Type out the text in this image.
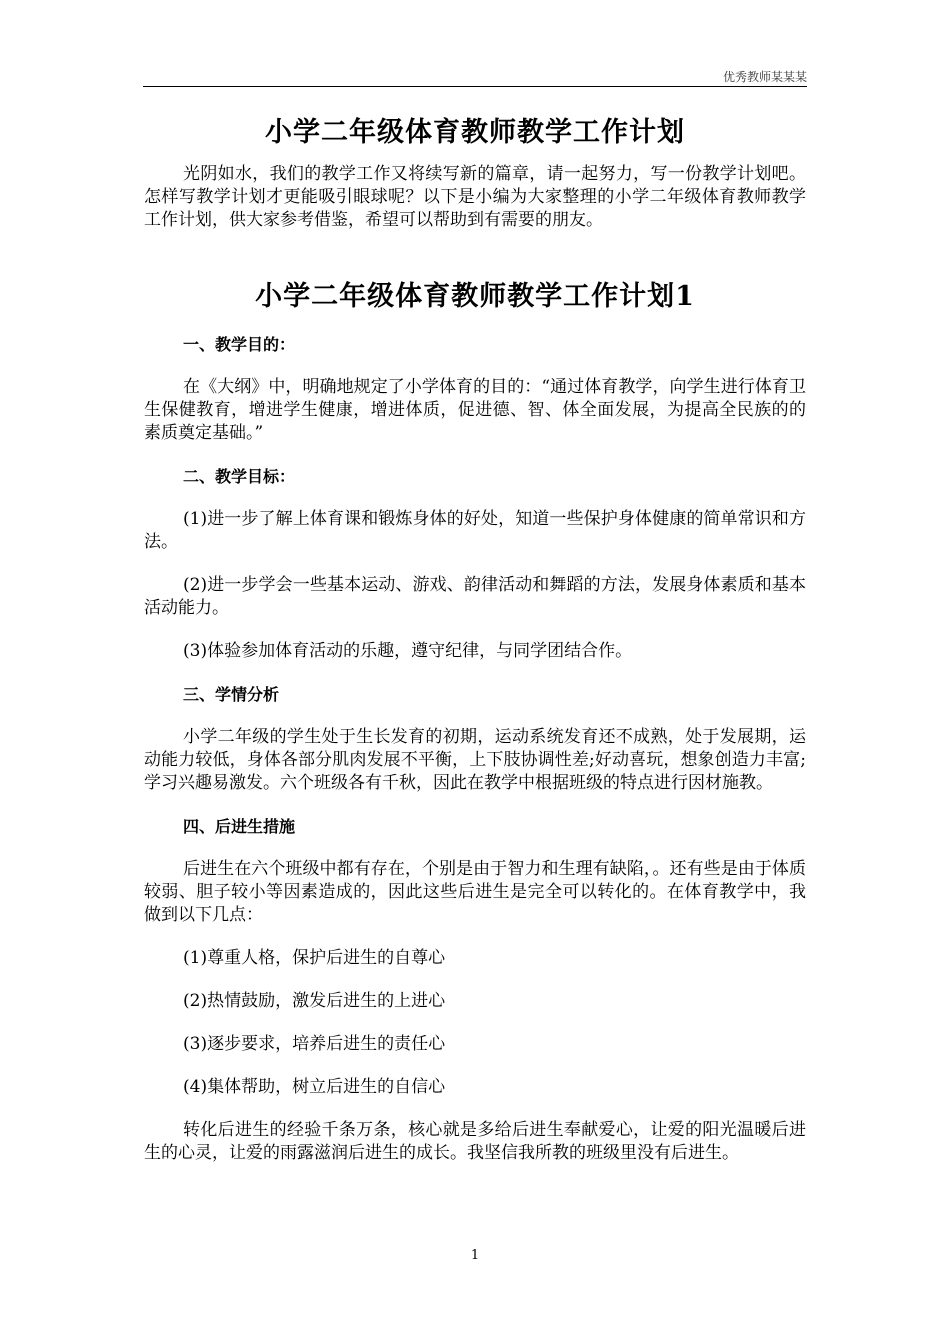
优秀教师某某某
小学二年级体育教师教学工作计划

光阴如水，我们的教学工作又将续写新的篇章，请一起努力，写一份教学计划吧。怎样写教学计划才更能吸引眼球呢？以下是小编为大家整理的小学二年级体育教师教学工作计划，供大家参考借鉴，希望可以帮助到有需要的朋友。

小学二年级体育教师教学工作计划1
一、教学目的：

在《大纲》中，明确地规定了小学体育的目的：“通过体育教学，向学生进行体育卫生保健教育，增进学生健康，增进体质，促进德、智、体全面发展，为提高全民族的的素质奠定基础。”

二、教学目标：

(1)进一步了解上体育课和锻炼身体的好处，知道一些保护身体健康的简单常识和方法。

(2)进一步学会一些基本运动、游戏、韵律活动和舞蹈的方法，发展身体素质和基本活动能力。

(3)体验参加体育活动的乐趣，遵守纪律，与同学团结合作。

三、学情分析

小学二年级的学生处于生长发育的初期，运动系统发育还不成熟，处于发展期，运动能力较低，身体各部分肌肉发展不平衡，上下肢协调性差;好动喜玩，想象创造力丰富;学习兴趣易激发。六个班级各有千秋，因此在教学中根据班级的特点进行因材施教。

四、后进生措施

后进生在六个班级中都有存在，个别是由于智力和生理有缺陷，。还有些是由于体质较弱、胆子较小等因素造成的，因此这些后进生是完全可以转化的。在体育教学中，我做到以下几点：

(1)尊重人格，保护后进生的自尊心

(2)热情鼓励，激发后进生的上进心

(3)逐步要求，培养后进生的责任心

(4)集体帮助，树立后进生的自信心

转化后进生的经验千条万条，核心就是多给后进生奉献爱心，让爱的阳光温暖后进生的心灵，让爱的雨露滋润后进生的成长。我坚信我所教的班级里没有后进生。

1
